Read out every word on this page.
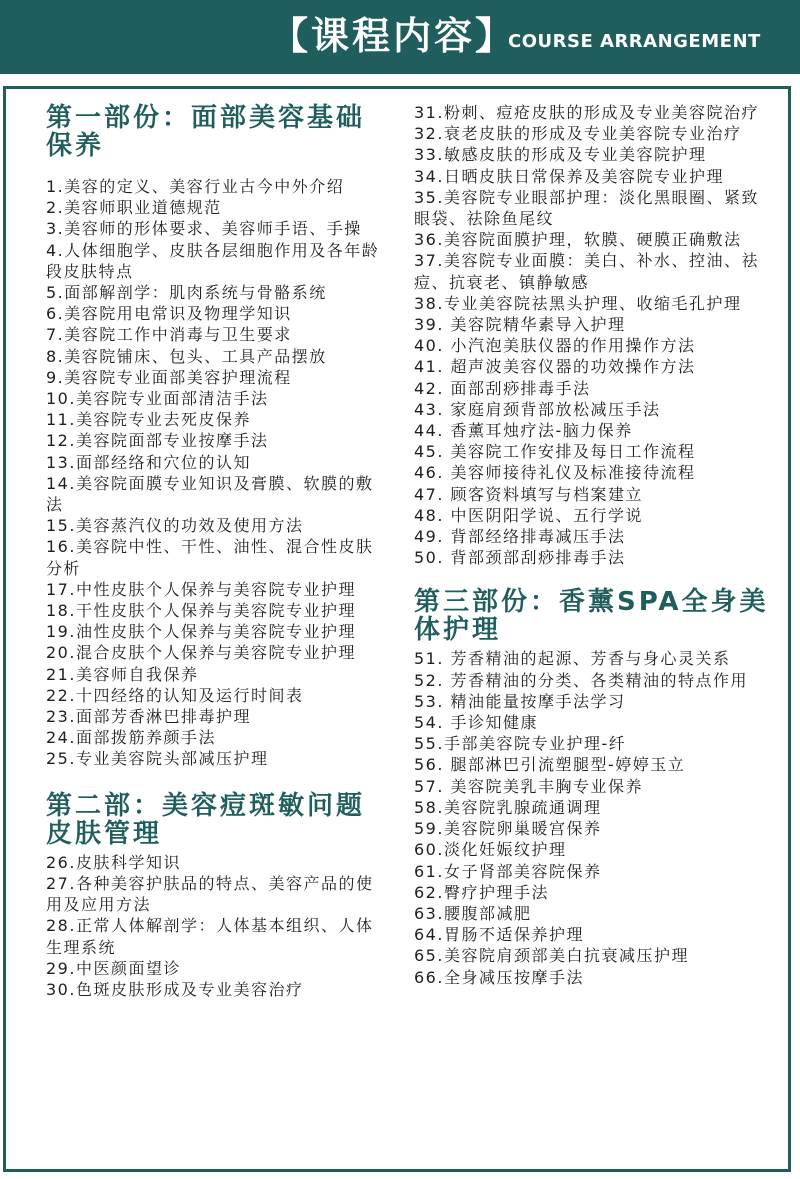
【课程内容】
COURSE ARRANGEMENT
第一部份：面部美容基础保养
1.美容的定义、美容行业古今中外介绍
2.美容师职业道德规范
3.美容师的形体要求、美容师手语、手操
4.人体细胞学、皮肤各层细胞作用及各年龄段皮肤特点
5.面部解剖学：肌肉系统与骨骼系统
6.美容院用电常识及物理学知识
7.美容院工作中消毒与卫生要求
8.美容院铺床、包头、工具产品摆放
9.美容院专业面部美容护理流程
10.美容院专业面部清洁手法
11.美容院专业去死皮保养
12.美容院面部专业按摩手法
13.面部经络和穴位的认知
14.美容院面膜专业知识及膏膜、软膜的敷法
15.美容蒸汽仪的功效及使用方法
16.美容院中性、干性、油性、混合性皮肤分析
17.中性皮肤个人保养与美容院专业护理
18.干性皮肤个人保养与美容院专业护理
19.油性皮肤个人保养与美容院专业护理
20.混合皮肤个人保养与美容院专业护理
21.美容师自我保养
22.十四经络的认知及运行时间表
23.面部芳香淋巴排毒护理
24.面部拨筋养颜手法
25.专业美容院头部减压护理
第二部：美容痘斑敏问题皮肤管理
26.皮肤科学知识
27.各种美容护肤品的特点、美容产品的使用及应用方法
28.正常人体解剖学：人体基本组织、人体生理系统
29.中医颜面望诊
30.色斑皮肤形成及专业美容治疗
31.粉刺、痘疮皮肤的形成及专业美容院治疗
32.衰老皮肤的形成及专业美容院专业治疗
33.敏感皮肤的形成及专业美容院护理
34.日晒皮肤日常保养及美容院专业护理
35.美容院专业眼部护理：淡化黑眼圈、紧致眼袋、祛除鱼尾纹
36.美容院面膜护理，软膜、硬膜正确敷法
37.美容院专业面膜：美白、补水、控油、祛痘、抗衰老、镇静敏感
38.专业美容院祛黑头护理、收缩毛孔护理
39. 美容院精华素导入护理
40. 小汽泡美肤仪器的作用操作方法
41. 超声波美容仪器的功效操作方法
42. 面部刮痧排毒手法
43. 家庭肩颈背部放松减压手法
44. 香薰耳烛疗法-脑力保养
45. 美容院工作安排及每日工作流程
46. 美容师接待礼仪及标准接待流程
47. 顾客资料填写与档案建立
48. 中医阴阳学说、五行学说
49. 背部经络排毒减压手法
50. 背部颈部刮痧排毒手法
第三部份：香薰SPA全身美体护理
51. 芳香精油的起源、芳香与身心灵关系
52. 芳香精油的分类、各类精油的特点作用
53. 精油能量按摩手法学习
54. 手诊知健康
55.手部美容院专业护理-纤
56. 腿部淋巴引流塑腿型-婷婷玉立
57. 美容院美乳丰胸专业保养
58.美容院乳腺疏通调理
59.美容院卵巢暖宫保养
60.淡化妊娠纹护理
61.女子肾部美容院保养
62.臀疗护理手法
63.腰腹部减肥
64.胃肠不适保养护理
65.美容院肩颈部美白抗衰减压护理
66.全身减压按摩手法
